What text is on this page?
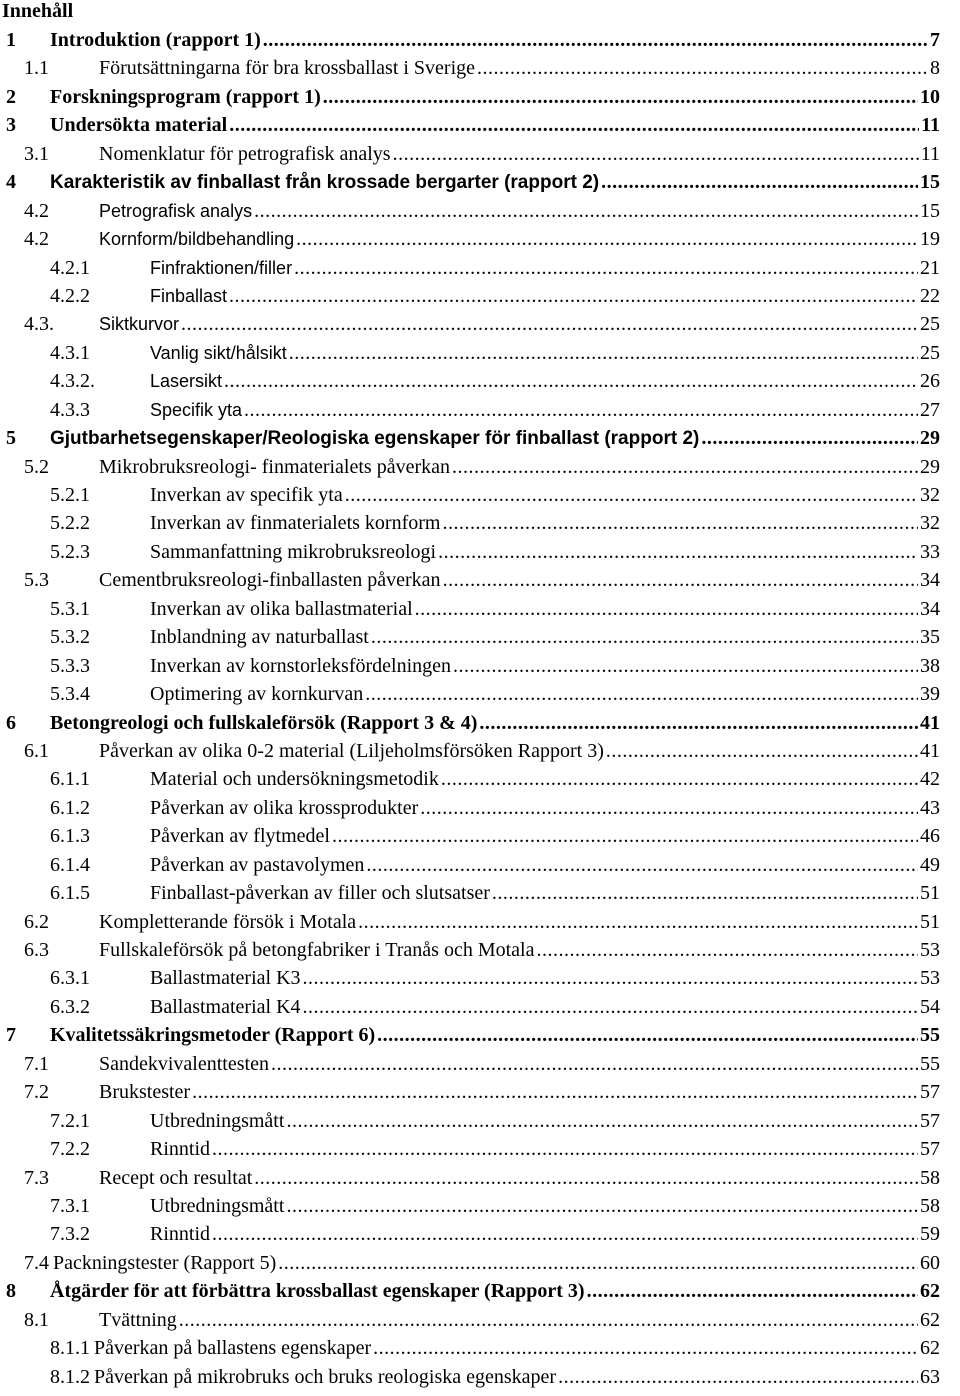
Innehåll
1	Introduktion (rapport 1) .....	7
1.1	Förutsättningarna för bra krossballast i Sverige .....	8
2	Forskningsprogram (rapport 1) .....	10
3	Undersökta material .....	11
3.1	Nomenklatur för petrografisk analys .....	11
4	Karakteristik av finballast från krossade bergarter (rapport 2) .....	15
4.2	Petrografisk analys .....	15
4.2	Kornform/bildbehandling .....	19
4.2.1	Finfraktionen/filler .....	21
4.2.2	Finballast .....	22
4.3.	Siktkurvor .....	25
4.3.1	Vanlig sikt/hålsikt .....	25
4.3.2.	Lasersikt .....	26
4.3.3	Specifik yta .....	27
5	Gjutbarhetsegenskaper/Reologiska egenskaper för finballast (rapport 2) .....	29
5.2	Mikrobruksreologi- finmaterialets påverkan .....	29
5.2.1	Inverkan av specifik yta .....	32
5.2.2	Inverkan av finmaterialets kornform .....	32
5.2.3	Sammanfattning mikrobruksreologi .....	33
5.3	Cementbruksreologi-finballasten påverkan .....	34
5.3.1	Inverkan av olika ballastmaterial .....	34
5.3.2	Inblandning av naturballast .....	35
5.3.3	Inverkan av kornstorleksfördelningen .....	38
5.3.4	Optimering av kornkurvan .....	39
6	Betongreologi och fullskaleförsök (Rapport 3 & 4) .....	41
6.1	Påverkan av olika 0-2 material (Liljeholmsförsöken Rapport 3) .....	41
6.1.1	Material och undersökningsmetodik .....	42
6.1.2	Påverkan av olika krossprodukter .....	43
6.1.3	Påverkan av flytmedel .....	46
6.1.4	Påverkan av pastavolymen .....	49
6.1.5	Finballast-påverkan av filler och slutsatser .....	51
6.2	Kompletterande försök i Motala .....	51
6.3	Fullskaleförsök på betongfabriker i Tranås och Motala .....	53
6.3.1	Ballastmaterial K3 .....	53
6.3.2	Ballastmaterial K4 .....	54
7	Kvalitetssäkringsmetoder (Rapport 6) .....	55
7.1	Sandekvivalenttesten .....	55
7.2	Brukstester .....	57
7.2.1	Utbredningsmått .....	57
7.2.2	Rinntid .....	57
7.3	Recept och resultat .....	58
7.3.1	Utbredningsmått .....	58
7.3.2	Rinntid .....	59
7.4 Packningstester (Rapport 5) .....	60
8	Åtgärder för att förbättra krossballast egenskaper (Rapport 3) .....	62
8.1	Tvättning .....	62
8.1.1 Påverkan på ballastens egenskaper .....	62
8.1.2 Påverkan på mikrobruks och bruks reologiska egenskaper .....	63
